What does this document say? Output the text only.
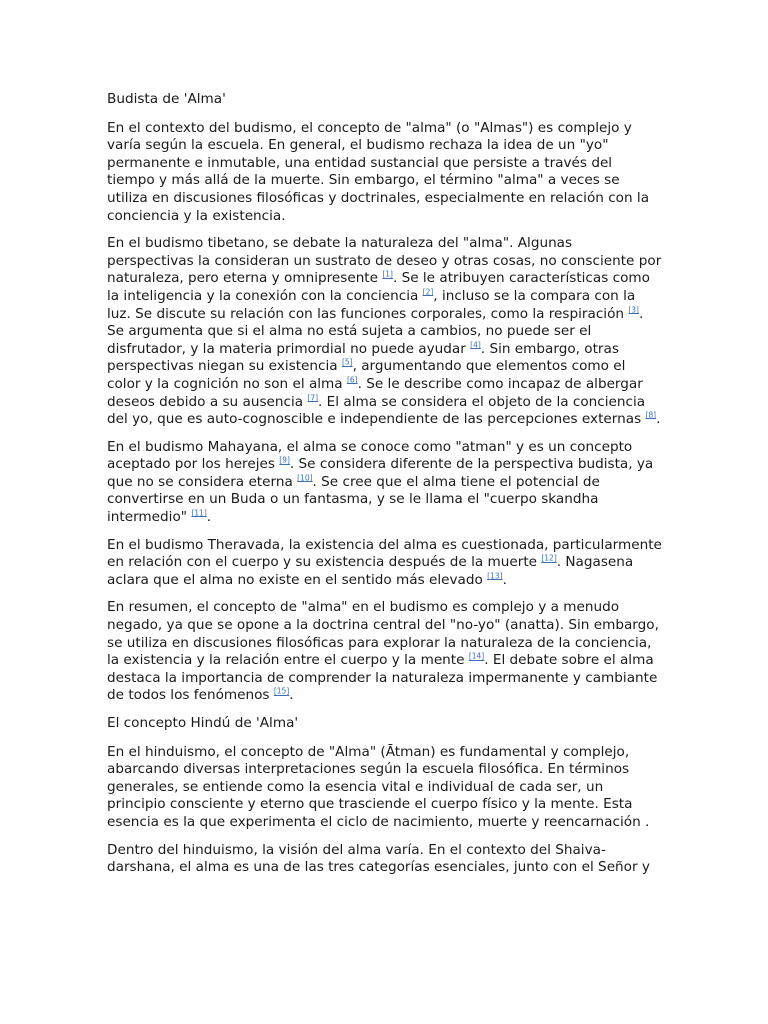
Budista de 'Alma'

En el contexto del budismo, el concepto de "alma" (o "Almas") es complejo y varía según la escuela. En general, el budismo rechaza la idea de un "yo" permanente e inmutable, una entidad sustancial que persiste a través del tiempo y más allá de la muerte. Sin embargo, el término "alma" a veces se utiliza en discusiones filosóficas y doctrinales, especialmente en relación con la conciencia y la existencia.

En el budismo tibetano, se debate la naturaleza del "alma". Algunas perspectivas la consideran un sustrato de deseo y otras cosas, no consciente por naturaleza, pero eterna y omnipresente [1]. Se le atribuyen características como la inteligencia y la conexión con la conciencia [2], incluso se la compara con la luz. Se discute su relación con las funciones corporales, como la respiración [3]. Se argumenta que si el alma no está sujeta a cambios, no puede ser el disfrutador, y la materia primordial no puede ayudar [4]. Sin embargo, otras perspectivas niegan su existencia [5], argumentando que elementos como el color y la cognición no son el alma [6]. Se le describe como incapaz de albergar deseos debido a su ausencia [7]. El alma se considera el objeto de la conciencia del yo, que es auto-cognoscible e independiente de las percepciones externas [8].

En el budismo Mahayana, el alma se conoce como "atman" y es un concepto aceptado por los herejes [9]. Se considera diferente de la perspectiva budista, ya que no se considera eterna [10]. Se cree que el alma tiene el potencial de convertirse en un Buda o un fantasma, y se le llama el "cuerpo skandha intermedio" [11].

En el budismo Theravada, la existencia del alma es cuestionada, particularmente en relación con el cuerpo y su existencia después de la muerte [12]. Nagasena aclara que el alma no existe en el sentido más elevado [13].

En resumen, el concepto de "alma" en el budismo es complejo y a menudo negado, ya que se opone a la doctrina central del "no-yo" (anatta). Sin embargo, se utiliza en discusiones filosóficas para explorar la naturaleza de la conciencia, la existencia y la relación entre el cuerpo y la mente [14]. El debate sobre el alma destaca la importancia de comprender la naturaleza impermanente y cambiante de todos los fenómenos [15].

El concepto Hindú de 'Alma'

En el hinduismo, el concepto de "Alma" (Ātman) es fundamental y complejo, abarcando diversas interpretaciones según la escuela filosófica. En términos generales, se entiende como la esencia vital e individual de cada ser, un principio consciente y eterno que trasciende el cuerpo físico y la mente. Esta esencia es la que experimenta el ciclo de nacimiento, muerte y reencarnación .

Dentro del hinduismo, la visión del alma varía. En el contexto del Shaiva-darshana, el alma es una de las tres categorías esenciales, junto con el Señor y
